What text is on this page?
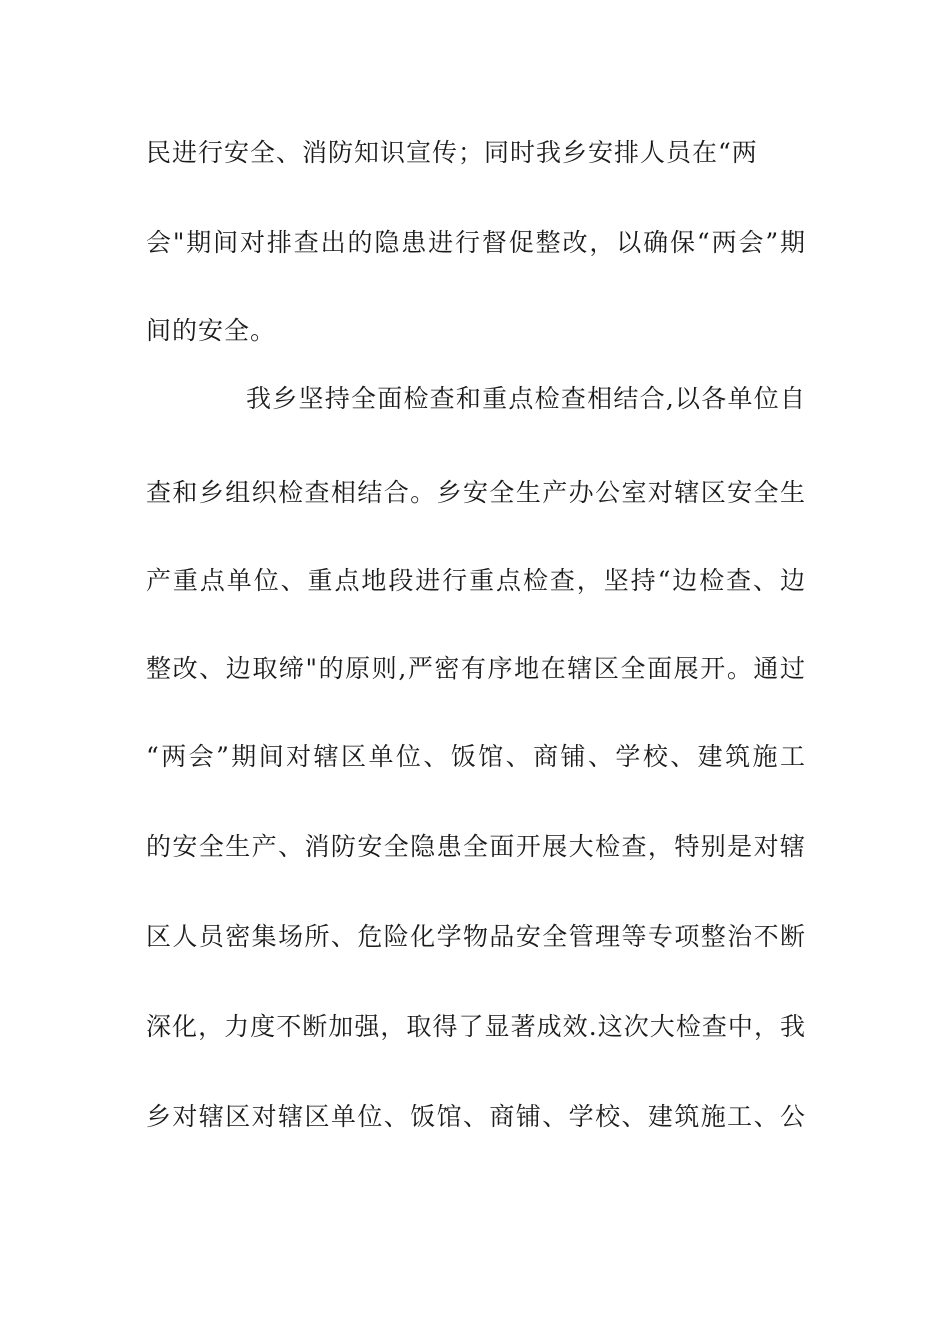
民进行安全、消防知识宣传；同时我乡安排人员在“两
会"期间对排查出的隐患进行督促整改，以确保“两会”期
间的安全。
我乡坚持全面检查和重点检查相结合,以各单位自
查和乡组织检查相结合。乡安全生产办公室对辖区安全生
产重点单位、重点地段进行重点检查，坚持“边检查、边
整改、边取缔"的原则,严密有序地在辖区全面展开。通过
“两会”期间对辖区单位、饭馆、商铺、学校、建筑施工
的安全生产、消防安全隐患全面开展大检查，特别是对辖
区人员密集场所、危险化学物品安全管理等专项整治不断
深化，力度不断加强，取得了显著成效.这次大检查中，我
乡对辖区对辖区单位、饭馆、商铺、学校、建筑施工、公
